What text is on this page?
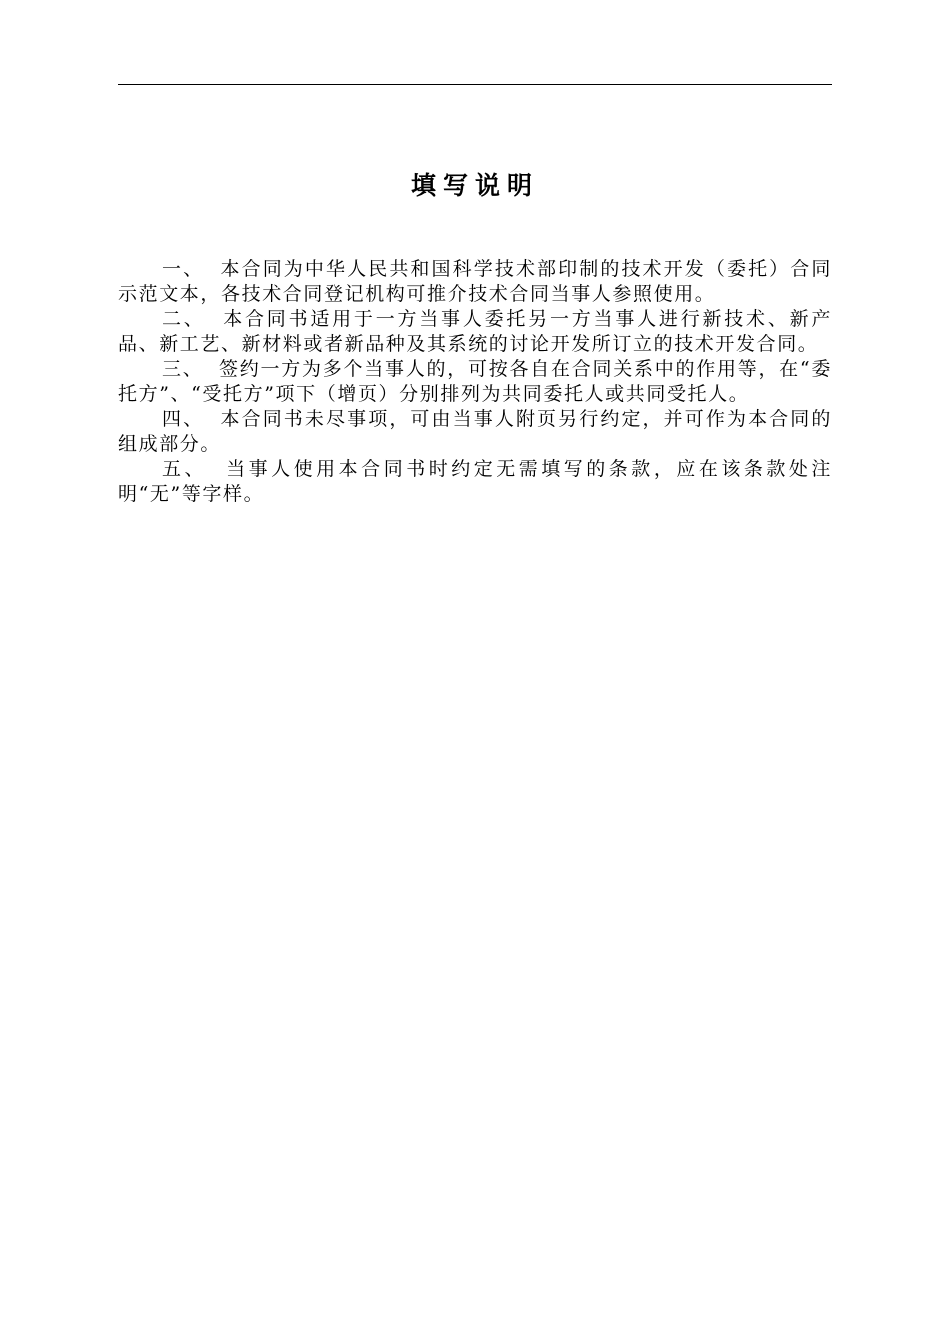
填写说明

一、  本合同为中华人民共和国科学技术部印制的技术开发（委托）合同示范文本，各技术合同登记机构可推介技术合同当事人参照使用。

二、  本合同书适用于一方当事人委托另一方当事人进行新技术、新产品、新工艺、新材料或者新品种及其系统的讨论开发所订立的技术开发合同。

三、  签约一方为多个当事人的，可按各自在合同关系中的作用等，在“委托方”、“受托方”项下（增页）分别排列为共同委托人或共同受托人。

四、  本合同书未尽事项，可由当事人附页另行约定，并可作为本合同的组成部分。

五、  当事人使用本合同书时约定无需填写的条款，应在该条款处注明“无”等字样。
